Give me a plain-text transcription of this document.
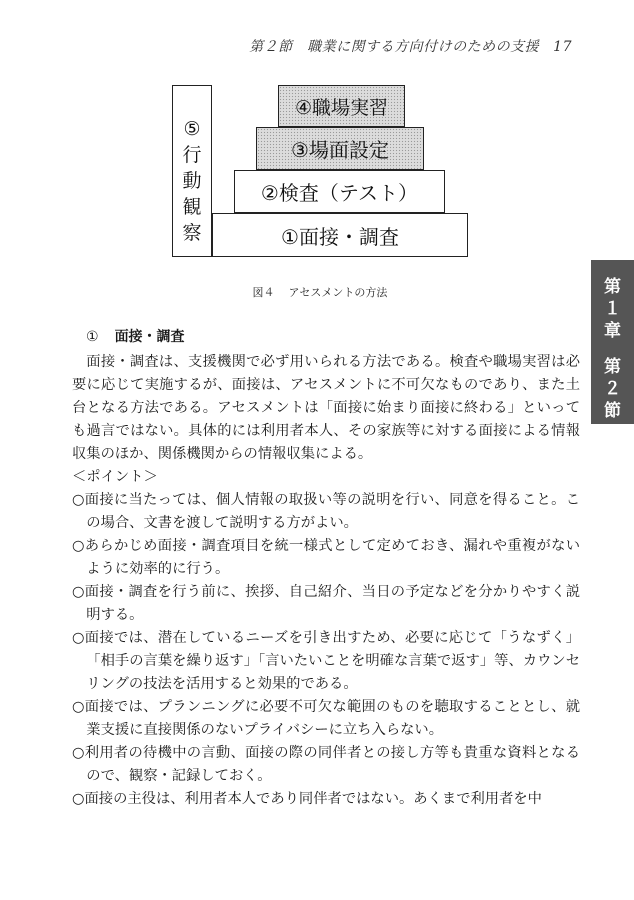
第２節　職業に関する方向付けのための支援 17
⑤
行
動
観
察
④職場実習
③場面設定
②検査（テスト）
①面接・調査
図４ アセスメントの方法	第
１
章
第
２
節
① 面接・調査

面接・調査は、支援機関で必ず用いられる方法である。検査や職場実習は必要に応じて実施するが、面接は、アセスメントに不可欠なものであり、また土台となる方法である。アセスメントは「面接に始まり面接に終わる」といっても過言ではない。具体的には利用者本人、その家族等に対する面接による情報収集のほか、関係機関からの情報収集による。

＜ポイント＞

○面接に当たっては、個人情報の取扱い等の説明を行い、同意を得ること。この場合、文書を渡して説明する方がよい。
○あらかじめ面接・調査項目を統一様式として定めておき、漏れや重複がないように効率的に行う。
○面接・調査を行う前に、挨拶、自己紹介、当日の予定などを分かりやすく説明する。
○面接では、潜在しているニーズを引き出すため、必要に応じて「うなずく」「相手の言葉を繰り返す」「言いたいことを明確な言葉で返す」等、カウンセリングの技法を活用すると効果的である。
○面接では、プランニングに必要不可欠な範囲のものを聴取することとし、就業支援に直接関係のないプライバシーに立ち入らない。
○利用者の待機中の言動、面接の際の同伴者との接し方等も貴重な資料となるので、観察・記録しておく。
○面接の主役は、利用者本人であり同伴者ではない。あくまで利用者を中
